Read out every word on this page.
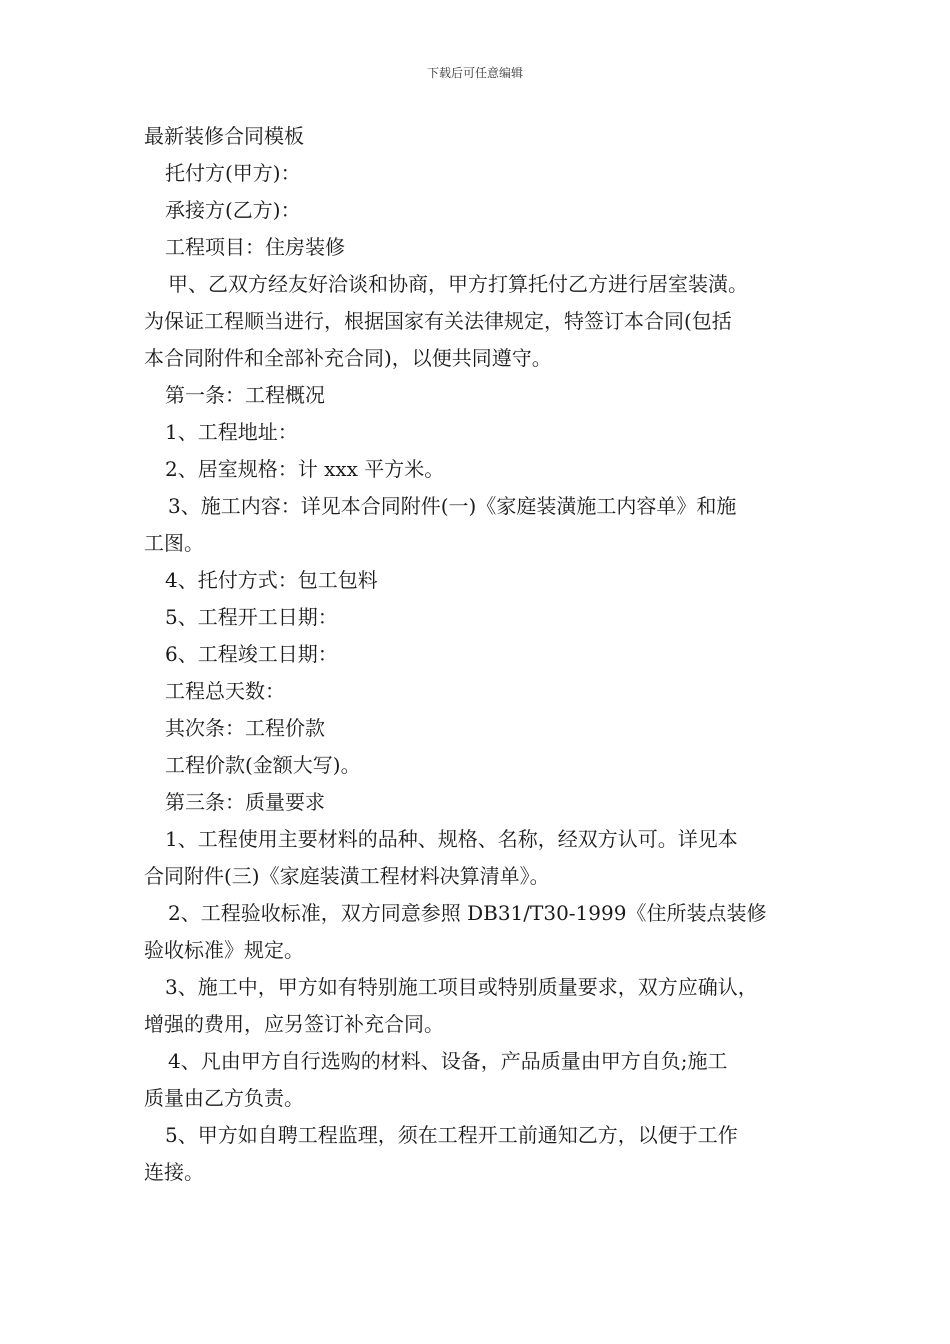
下载后可任意编辑

最新装修合同模板

托付方(甲方)：

承接方(乙方)：

工程项目：住房装修

甲、乙双方经友好洽谈和协商，甲方打算托付乙方进行居室装潢。

为保证工程顺当进行，根据国家有关法律规定，特签订本合同(包括

本合同附件和全部补充合同)，以便共同遵守。

第一条：工程概况

1、工程地址：

2、居室规格：计 xxx 平方米。

3、施工内容：详见本合同附件(一)《家庭装潢施工内容单》和施

工图。

4、托付方式：包工包料

5、工程开工日期：

6、工程竣工日期：

工程总天数：

其次条：工程价款

工程价款(金额大写)。

第三条：质量要求

1、工程使用主要材料的品种、规格、名称，经双方认可。详见本

合同附件(三)《家庭装潢工程材料决算清单》。

2、工程验收标准，双方同意参照 DB31/T30-1999《住所装点装修

验收标准》规定。

3、施工中，甲方如有特别施工项目或特别质量要求，双方应确认，

增强的费用，应另签订补充合同。

4、凡由甲方自行选购的材料、设备，产品质量由甲方自负;施工

质量由乙方负责。

5、甲方如自聘工程监理，须在工程开工前通知乙方，以便于工作

连接。
